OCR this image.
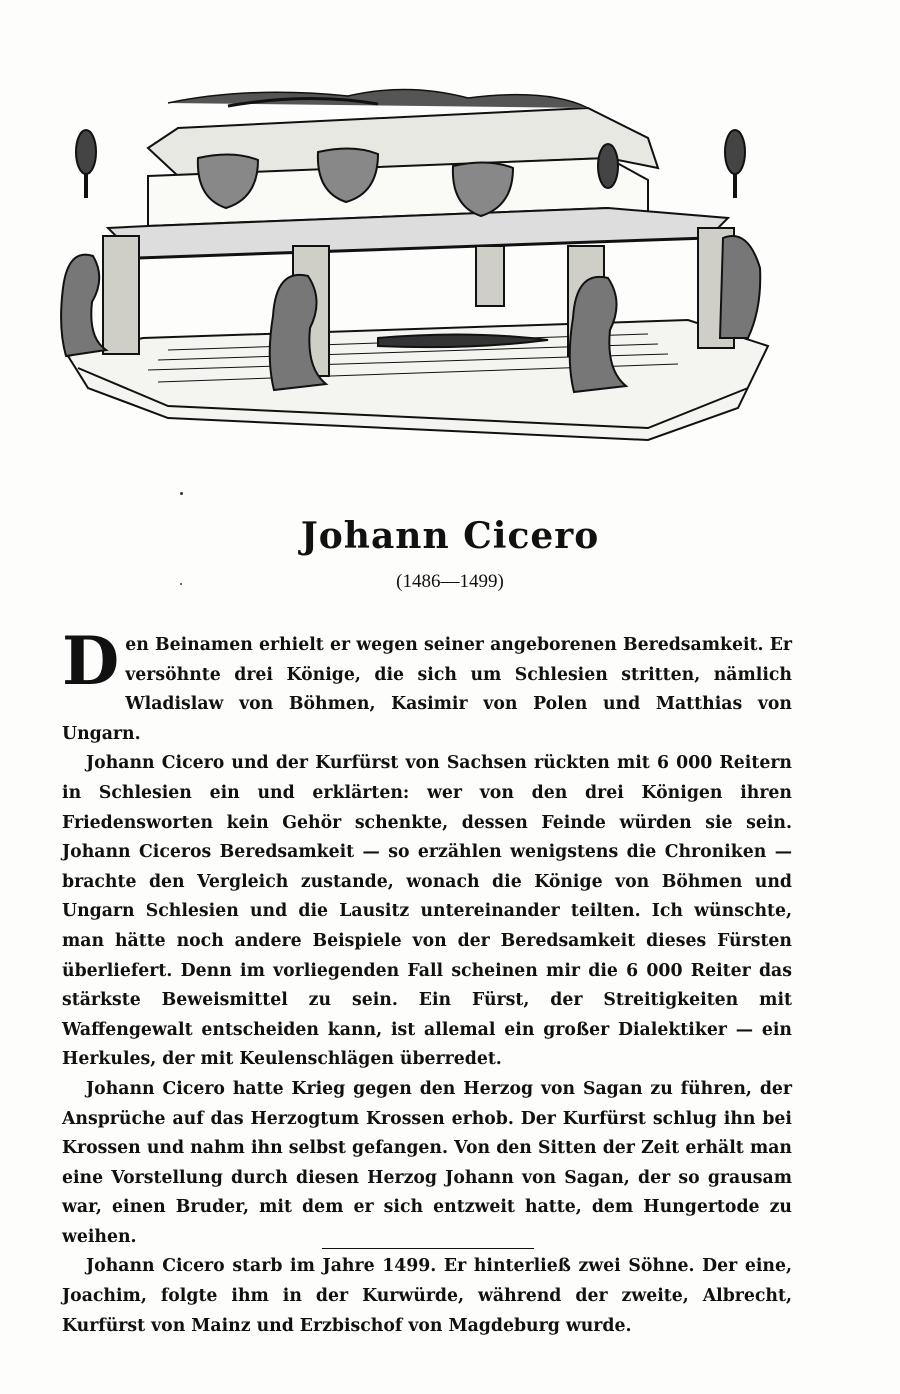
Johann Cicero
(1486—1499)

Den Beinamen erhielt er wegen seiner angeborenen Beredsamkeit. Er versöhnte drei Könige, die sich um Schlesien stritten, nämlich Wladislaw von Böhmen, Kasimir von Polen und Matthias von Ungarn.

Johann Cicero und der Kurfürst von Sachsen rückten mit 6 000 Reitern in Schlesien ein und erklärten: wer von den drei Königen ihren Friedensworten kein Gehör schenkte, dessen Feinde würden sie sein. Johann Ciceros Beredsamkeit — so erzählen wenigstens die Chroniken — brachte den Vergleich zustande, wonach die Könige von Böhmen und Ungarn Schlesien und die Lausitz untereinander teilten. Ich wünschte, man hätte noch andere Beispiele von der Beredsamkeit dieses Fürsten überliefert. Denn im vorliegenden Fall scheinen mir die 6 000 Reiter das stärkste Beweismittel zu sein. Ein Fürst, der Streitigkeiten mit Waffengewalt entscheiden kann, ist allemal ein großer Dialektiker — ein Herkules, der mit Keulenschlägen überredet.

Johann Cicero hatte Krieg gegen den Herzog von Sagan zu führen, der Ansprüche auf das Herzogtum Krossen erhob. Der Kurfürst schlug ihn bei Krossen und nahm ihn selbst gefangen. Von den Sitten der Zeit erhält man eine Vorstellung durch diesen Herzog Johann von Sagan, der so grausam war, einen Bruder, mit dem er sich entzweit hatte, dem Hungertode zu weihen.

Johann Cicero starb im Jahre 1499. Er hinterließ zwei Söhne. Der eine, Joachim, folgte ihm in der Kurwürde, während der zweite, Albrecht, Kurfürst von Mainz und Erzbischof von Magdeburg wurde.
